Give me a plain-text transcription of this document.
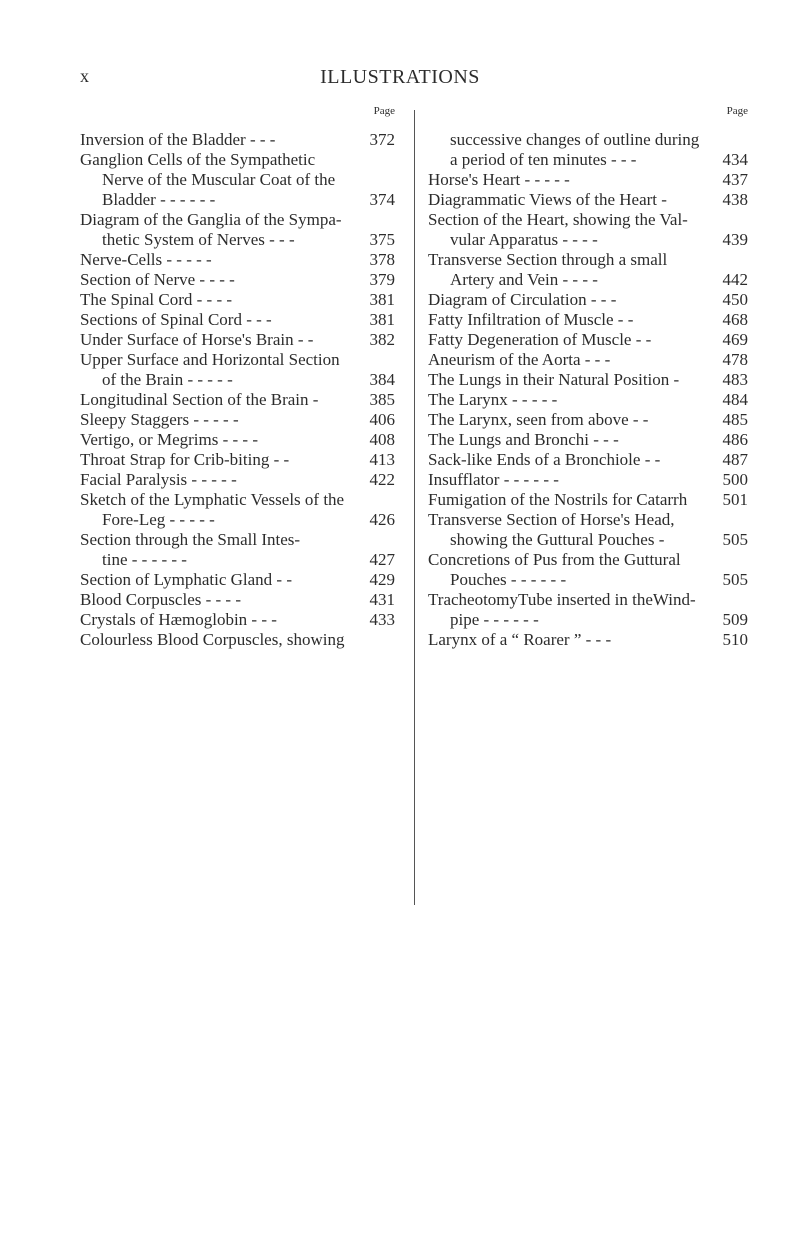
ILLUSTRATIONS
x
Page
Inversion of the Bladder - - -	372
Ganglion Cells of the Sympathetic
Nerve of the Muscular Coat of the
Bladder - - - - - -	374
Diagram of the Ganglia of the Sympa-
thetic System of Nerves - - -	375
Nerve-Cells - - - - -	378
Section of Nerve - - - -	379
The Spinal Cord - - - -	381
Sections of Spinal Cord - - -	381
Under Surface of Horse's Brain - -	382
Upper Surface and Horizontal Section
of the Brain - - - - -	384
Longitudinal Section of the Brain -	385
Sleepy Staggers - - - - -	406
Vertigo, or Megrims - - - -	408
Throat Strap for Crib-biting - -	413
Facial Paralysis - - - - -	422
Sketch of the Lymphatic Vessels of the
Fore-Leg - - - - -	426
Section through the Small Intes-
tine - - - - - -	427
Section of Lymphatic Gland - -	429
Blood Corpuscles - - - -	431
Crystals of Hæmoglobin - - -	433
Colourless Blood Corpuscles, showing
Page
successive changes of outline during
a period of ten minutes - - -	434
Horse's Heart - - - - -	437
Diagrammatic Views of the Heart -	438
Section of the Heart, showing the Val-
vular Apparatus - - - -	439
Transverse Section through a small
Artery and Vein - - - -	442
Diagram of Circulation - - -	450
Fatty Infiltration of Muscle - -	468
Fatty Degeneration of Muscle - -	469
Aneurism of the Aorta - - -	478
The Lungs in their Natural Position -	483
The Larynx - - - - -	484
The Larynx, seen from above - -	485
The Lungs and Bronchi - - -	486
Sack-like Ends of a Bronchiole - -	487
Insufflator - - - - - -	500
Fumigation of the Nostrils for Catarrh	501
Transverse Section of Horse's Head,
showing the Guttural Pouches -	505
Concretions of Pus from the Guttural
Pouches - - - - - -	505
TracheotomyTube inserted in theWind-
pipe - - - - - -	509
Larynx of a “ Roarer ” - - -	510
